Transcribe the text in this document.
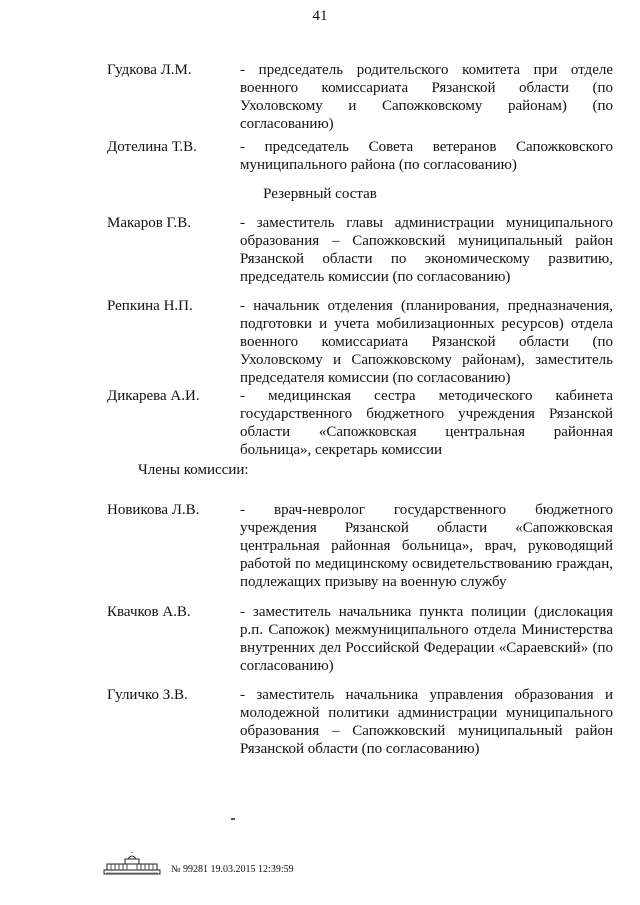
41
Гудкова Л.М.	- председатель родительского комитета при отделе военного комиссариата Рязанской области (по Ухоловскому и Сапожковскому районам) (по согласованию)
Дотелина Т.В.	- председатель Совета ветеранов Сапожковского муниципального района (по согласованию)
Резервный состав
Макаров Г.В.	- заместитель главы администрации муниципального образования – Сапожковский муниципальный район Рязанской области по экономическому развитию, председатель комиссии (по согласованию)
Репкина Н.П.	- начальник отделения (планирования, предназначения, подготовки и учета мобилизационных ресурсов) отдела военного комиссариата Рязанской области (по Ухоловскому и Сапожковскому районам), заместитель председателя комиссии (по согласованию)
Дикарева А.И.	- медицинская сестра методического кабинета государственного бюджетного учреждения Рязанской области «Сапожковская центральная районная больница», секретарь комиссии
Члены комиссии:
Новикова Л.В.	- врач-невролог государственного бюджетного учреждения Рязанской области «Сапожковская центральная районная больница», врач, руководящий работой по медицинскому освидетельствованию граждан, подлежащих призыву на военную службу
Квачков А.В.	- заместитель начальника пункта полиции (дислокация р.п. Сапожок) межмуниципального отдела Министерства внутренних дел Российской Федерации «Сараевский» (по согласованию)
Гуличко З.В.	- заместитель начальника управления образования и молодежной политики администрации муниципального образования – Сапожковский муниципальный район Рязанской области (по согласованию)
№ 99281 19.03.2015 12:39:59
